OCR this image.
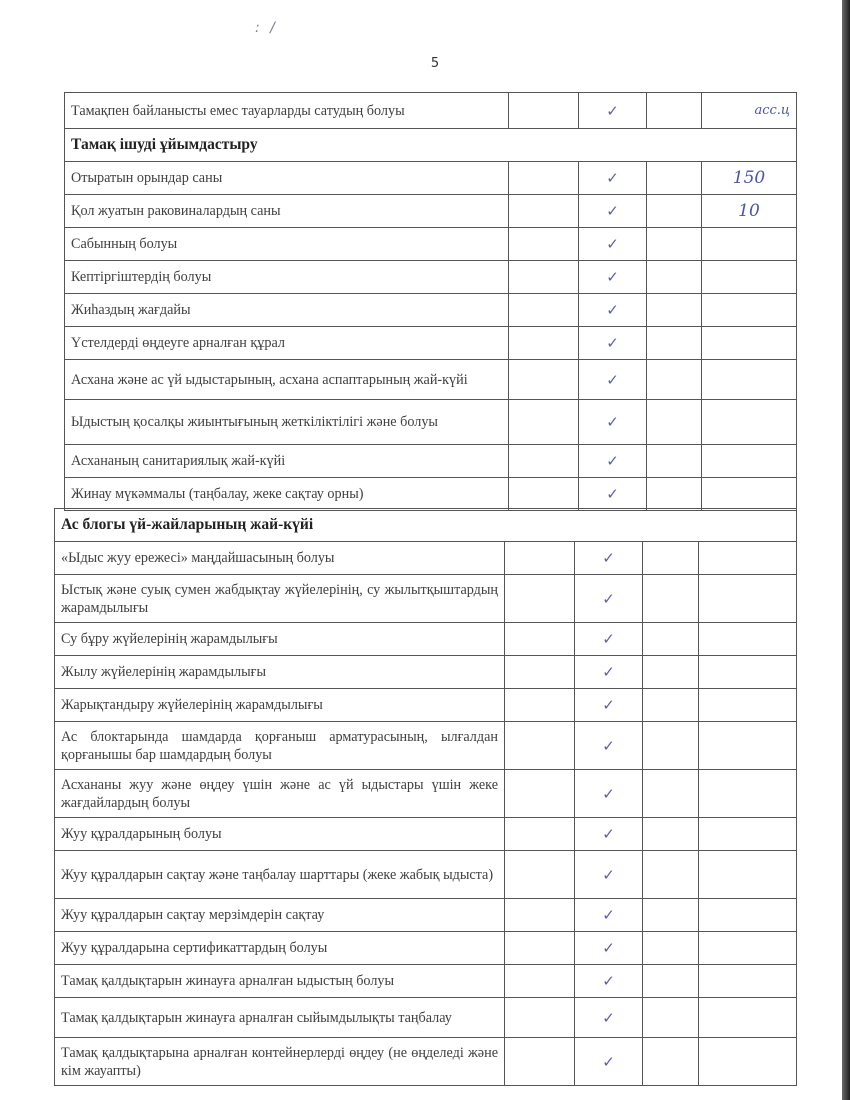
: /
5
Тамақпен байланысты емес тауарларды сатудың болуы		✓		асс.ц
Тамақ ішуді ұйымдастыру				
Отыратын орындар саны		✓		150
Қол жуатын раковиналардың саны		✓		10
Сабынның болуы		✓		
Кептіргіштердің болуы		✓		
Жиһаздың жағдайы		✓		
Үстелдерді өңдеуге арналған құрал		✓		
Асхана және ас үй ыдыстарының, асхана аспаптарының жай-күйі		✓		
Ыдыстың қосалқы жиынтығының жеткіліктілігі және болуы		✓		
Асхананың санитариялық жай-күйі		✓		
Жинау мүкәммалы (таңбалау, жеке сақтау орны)		✓		
Ас блогы үй-жайларының жай-күйі				
«Ыдыс жуу ережесі» маңдайшасының болуы		✓		
Ыстық және суық сумен жабдықтау жүйелерінің, су жылытқыштардың жарамдылығы		✓		
Су бұру жүйелерінің жарамдылығы		✓		
Жылу жүйелерінің жарамдылығы		✓		
Жарықтандыру жүйелерінің жарамдылығы		✓		
Ас блоктарында шамдарда қорғаныш арматурасының, ылғалдан қорғанышы бар шамдардың болуы		✓		
Асхананы жуу және өңдеу үшін және ас үй ыдыстары үшін жеке жағдайлардың болуы		✓		
Жуу құралдарының болуы		✓		
Жуу құралдарын сақтау және таңбалау шарттары (жеке жабық ыдыста)		✓		
Жуу құралдарын сақтау мерзімдерін сақтау		✓		
Жуу құралдарына сертификаттардың болуы		✓		
Тамақ қалдықтарын жинауға арналған ыдыстың болуы		✓		
Тамақ қалдықтарын жинауға арналған сыйымдылықты таңбалау		✓		
Тамақ қалдықтарына арналған контейнерлерді өңдеу (не өңделеді және кім жауапты)		✓		
